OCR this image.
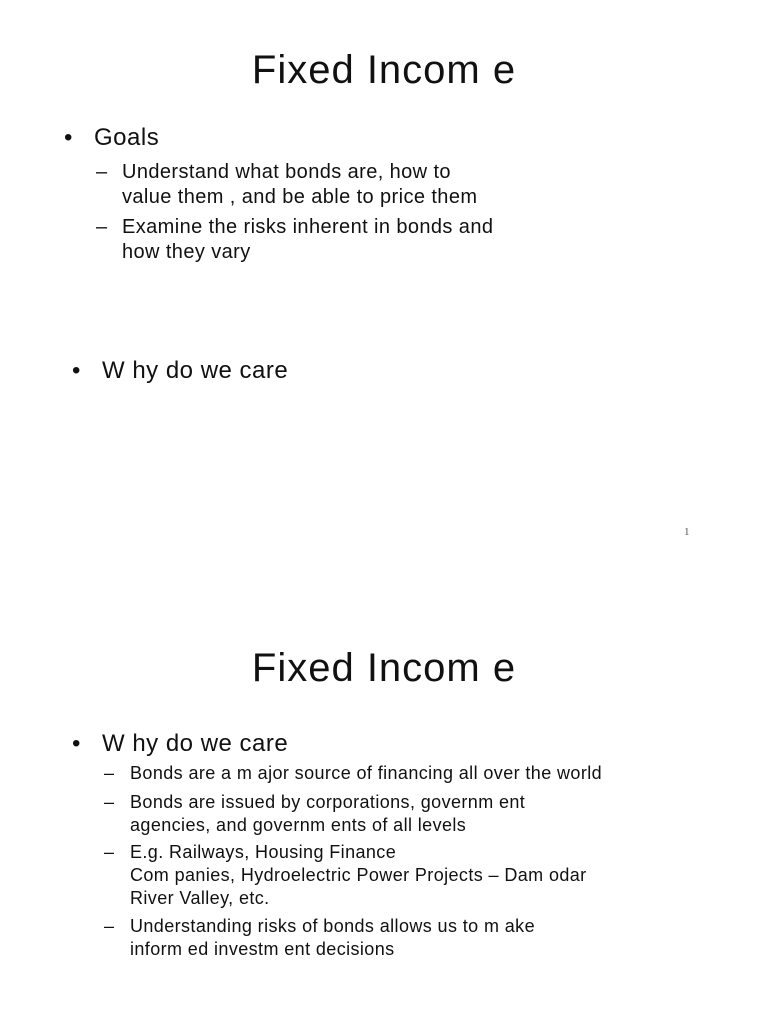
Fixed Incom e
• Goals
– Understand what bonds are, how to
value them , and be able to price them
– Examine the risks inherent in bonds and
how they vary
• W hy do we care
1
Fixed Incom e
• W hy do we care
– Bonds are a m ajor source of financing all over the world
– Bonds are issued by corporations, governm ent
agencies, and governm ents of all levels
– E.g. Railways, Housing Finance
Com panies, Hydroelectric Power Projects – Dam odar
River Valley, etc.
– Understanding risks of bonds allows us to m ake
inform ed investm ent decisions
